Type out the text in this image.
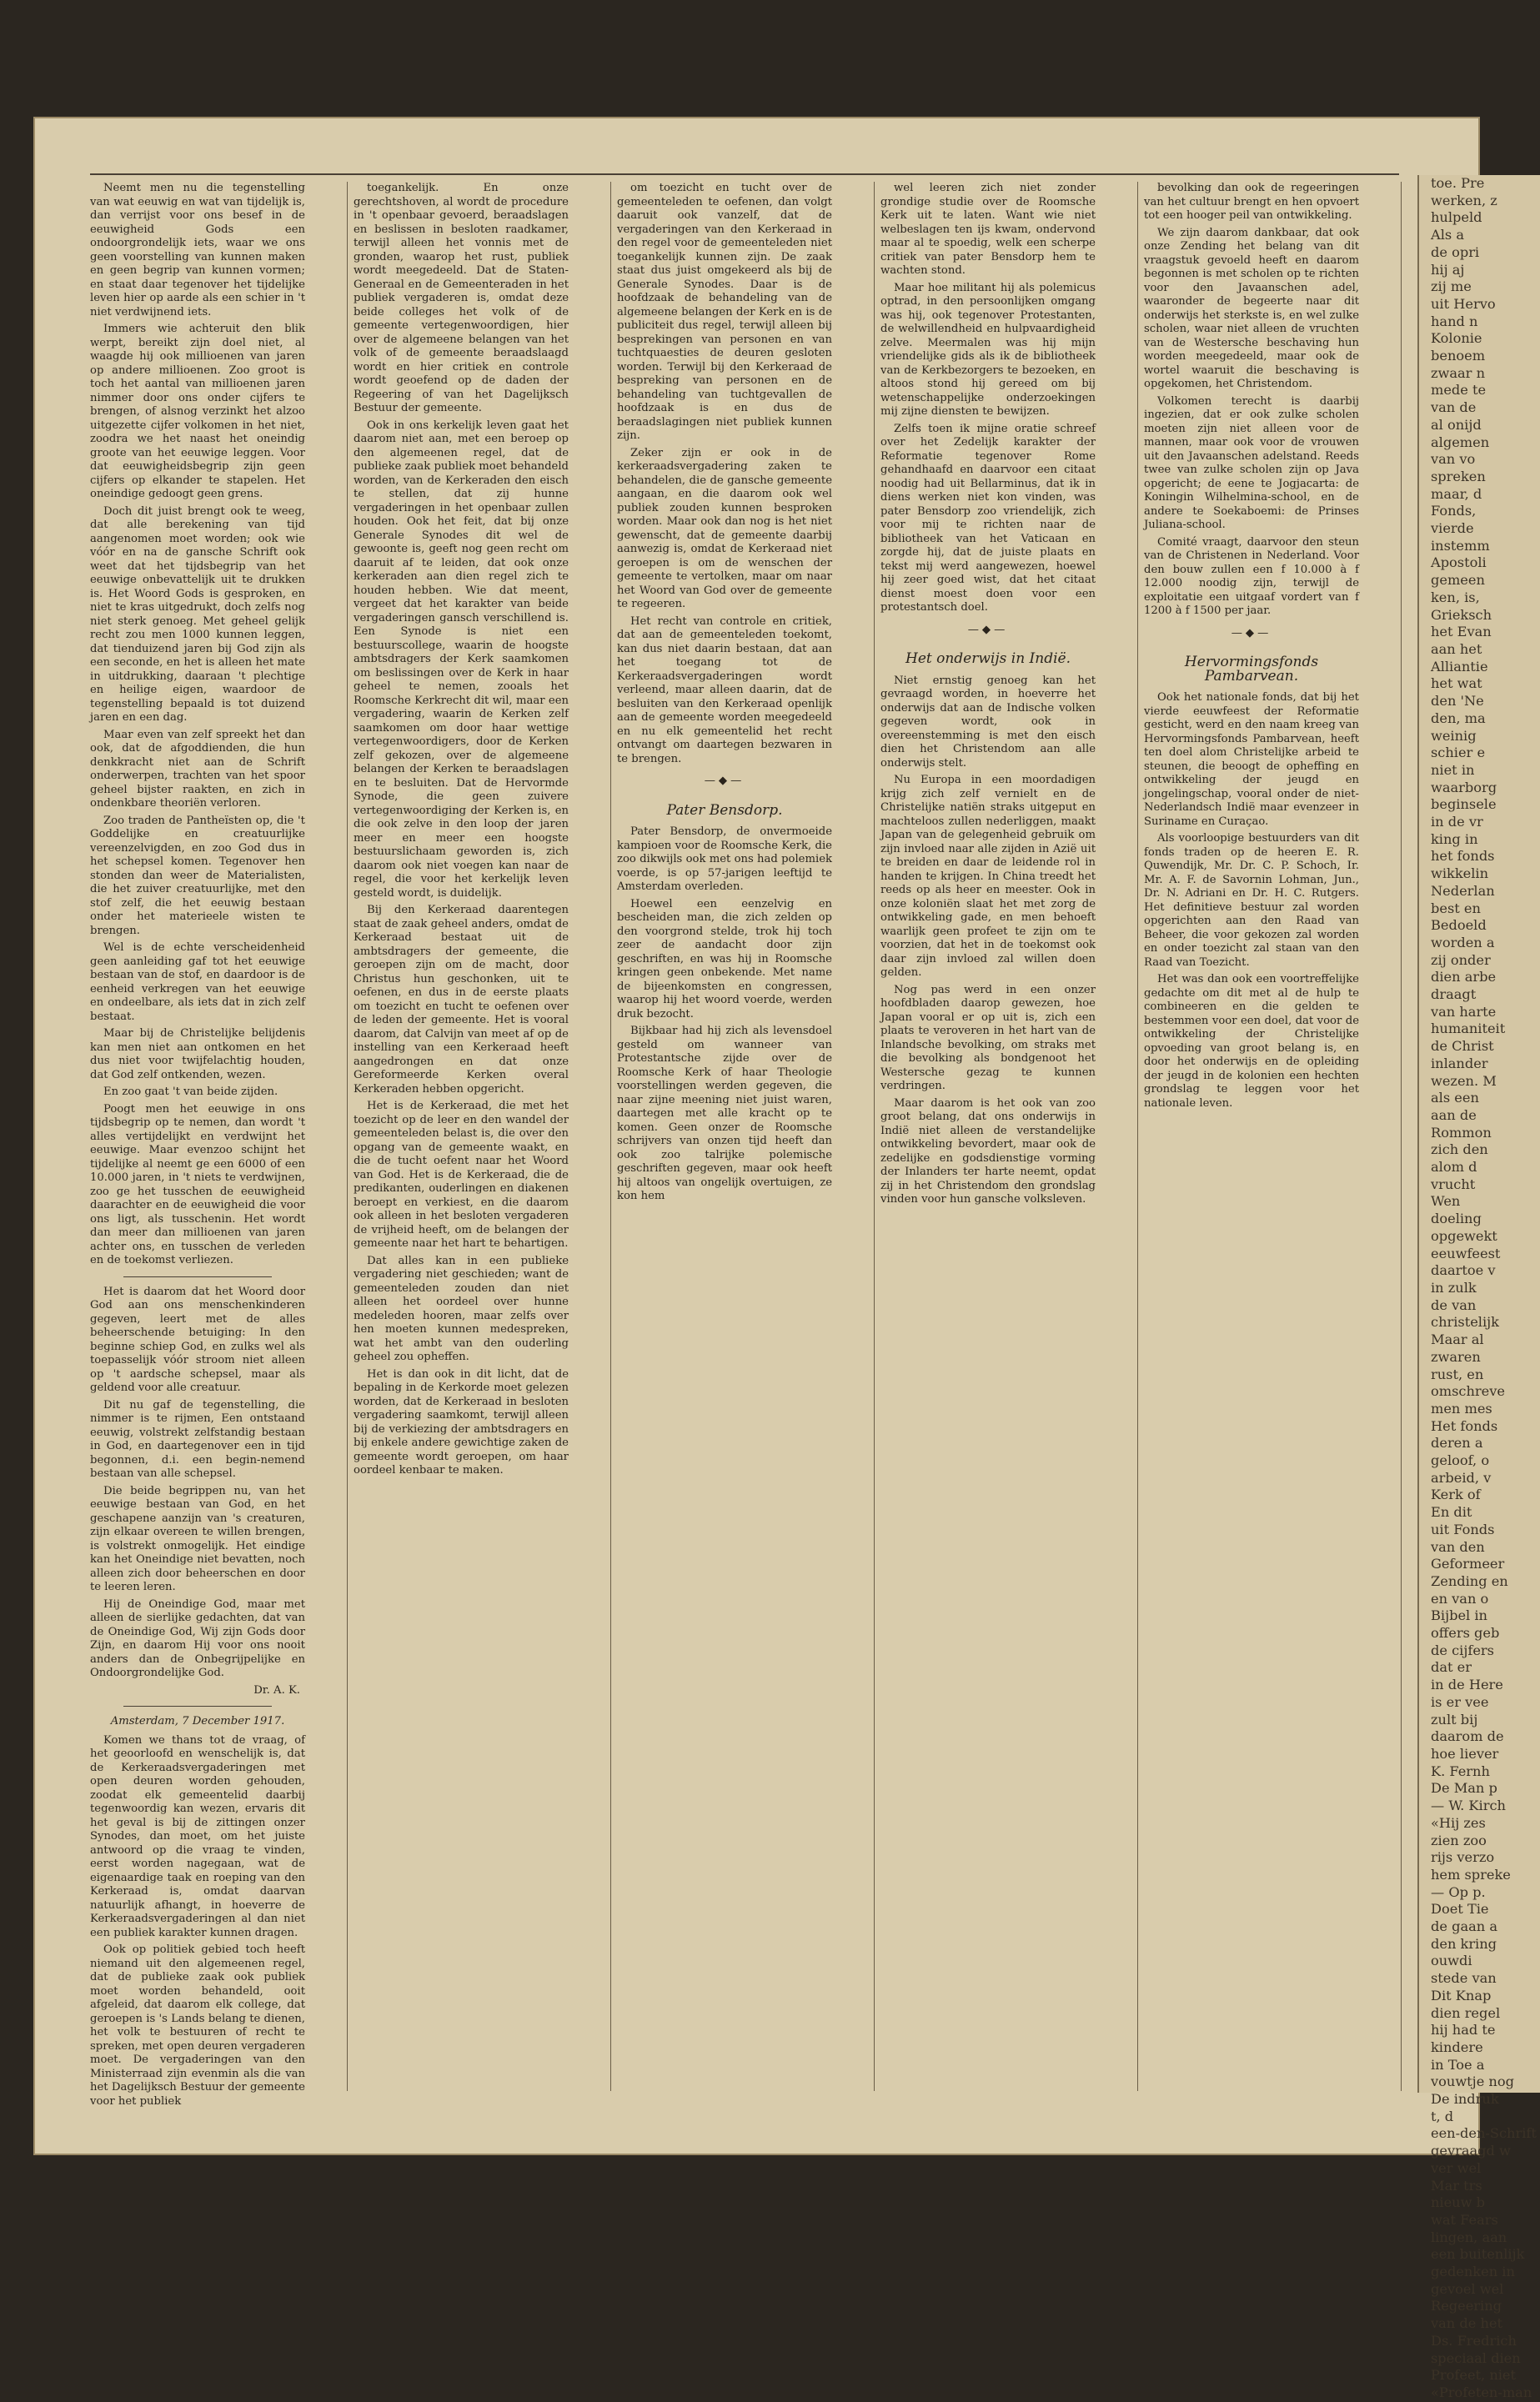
Neemt men nu die tegenstelling van wat eeuwig en wat van tijdelijk is, dan verrijst voor ons besef in de eeuwigheid Gods een ondoorgrondelijk iets, waar we ons geen voorstelling van kunnen maken en geen begrip van kunnen vormen; en staat daar tegenover het tijdelijke leven hier op aarde als een schier in 't niet verdwijnend iets.

Immers wie achteruit den blik werpt, bereikt zijn doel niet, al waagde hij ook millioenen van jaren op andere millioenen. Zoo groot is toch het aantal van millioenen jaren nimmer door ons onder cijfers te brengen, of alsnog verzinkt het alzoo uitgezette cijfer volkomen in het niet, zoodra we het naast het oneindig groote van het eeuwige leggen. Voor dat eeuwigheidsbegrip zijn geen cijfers op elkander te stapelen. Het oneindige gedoogt geen grens.

Doch dit juist brengt ook te weeg, dat alle berekening van tijd aangenomen moet worden; ook wie vóór en na de gansche Schrift ook weet dat het tijdsbegrip van het eeuwige onbevattelijk uit te drukken is. Het Woord Gods is gesproken, en niet te kras uitgedrukt, doch zelfs nog niet sterk genoeg. Met geheel gelijk recht zou men 1000 kunnen leggen, dat tienduizend jaren bij God zijn als een seconde, en het is alleen het mate in uitdrukking, daaraan 't plechtige en heilige eigen, waardoor de tegenstelling bepaald is tot duizend jaren en een dag.

Maar even van zelf spreekt het dan ook, dat de afgoddienden, die hun denkkracht niet aan de Schrift onderwerpen, trachten van het spoor geheel bijster raakten, en zich in ondenkbare theoriën verloren.

Zoo traden de Pantheïsten op, die 't Goddelijke en creatuurlijke vereenzelvigden, en zoo God dus in het schepsel komen. Tegenover hen stonden dan weer de Materialisten, die het zuiver creatuurlijke, met den stof zelf, die het eeuwig bestaan onder het materieele wisten te brengen.

Wel is de echte verscheidenheid geen aanleiding gaf tot het eeuwige bestaan van de stof, en daardoor is de eenheid verkregen van het eeuwige en ondeelbare, als iets dat in zich zelf bestaat.

Maar bij de Christelijke belijdenis kan men niet aan ontkomen en het dus niet voor twijfelachtig houden, dat God zelf ontkenden, wezen.

En zoo gaat 't van beide zijden.

Poogt men het eeuwige in ons tijdsbegrip op te nemen, dan wordt 't alles vertijdelijkt en verdwijnt het eeuwige. Maar evenzoo schijnt het tijdelijke al neemt ge een 6000 of een 10.000 jaren, in 't niets te verdwijnen, zoo ge het tusschen de eeuwigheid daarachter en de eeuwigheid die voor ons ligt, als tusschenin. Het wordt dan meer dan millioenen van jaren achter ons, en tusschen de verleden en de toekomst verliezen.

Het is daarom dat het Woord door God aan ons menschenkinderen gegeven, leert met de alles beheerschende betuiging: In den beginne schiep God, en zulks wel als toepasselijk vóór stroom niet alleen op 't aardsche schepsel, maar als geldend voor alle creatuur.

Dit nu gaf de tegenstelling, die nimmer is te rijmen, Een ontstaand eeuwig, volstrekt zelfstandig bestaan in God, en daartegenover een in tijd begonnen, d.i. een begin-nemend bestaan van alle schepsel.

Die beide begrippen nu, van het eeuwige bestaan van God, en het geschapene aanzijn van 's creaturen, zijn elkaar overeen te willen brengen, is volstrekt onmogelijk. Het eindige kan het Oneindige niet bevatten, noch alleen zich door beheerschen en door te leeren leren.

Hij de Oneindige God, maar met alleen de sierlijke gedachten, dat van de Oneindige God, Wij zijn Gods door Zijn, en daarom Hij voor ons nooit anders dan de Onbegrijpelijke en Ondoorgrondelijke God.

Dr. A. K.

Amsterdam, 7 December 1917.

Komen we thans tot de vraag, of het geoorloofd en wenschelijk is, dat de Kerkeraadsvergaderingen met open deuren worden gehouden, zoodat elk gemeentelid daarbij tegenwoordig kan wezen, ervaris dit het geval is bij de zittingen onzer Synodes, dan moet, om het juiste antwoord op die vraag te vinden, eerst worden nagegaan, wat de eigenaardige taak en roeping van den Kerkeraad is, omdat daarvan natuurlijk afhangt, in hoeverre de Kerkeraadsvergaderingen al dan niet een publiek karakter kunnen dragen.

Ook op politiek gebied toch heeft niemand uit den algemeenen regel, dat de publieke zaak ook publiek moet worden behandeld, ooit afgeleid, dat daarom elk college, dat geroepen is 's Lands belang te dienen, het volk te bestuuren of recht te spreken, met open deuren vergaderen moet. De vergaderingen van den Ministerraad zijn evenmin als die van het Dagelijksch Bestuur der gemeente voor het publiek

toegankelijk. En onze gerechtshoven, al wordt de procedure in 't openbaar gevoerd, beraadslagen en beslissen in besloten raadkamer, terwijl alleen het vonnis met de gronden, waarop het rust, publiek wordt meegedeeld. Dat de Staten-Generaal en de Gemeenteraden in het publiek vergaderen is, omdat deze beide colleges het volk of de gemeente vertegenwoordigen, hier over de algemeene belangen van het volk of de gemeente beraadslaagd wordt en hier critiek en controle wordt geoefend op de daden der Regeering of van het Dagelijksch Bestuur der gemeente.

Ook in ons kerkelijk leven gaat het daarom niet aan, met een beroep op den algemeenen regel, dat de publieke zaak publiek moet behandeld worden, van de Kerkeraden den eisch te stellen, dat zij hunne vergaderingen in het openbaar zullen houden. Ook het feit, dat bij onze Generale Synodes dit wel de gewoonte is, geeft nog geen recht om daaruit af te leiden, dat ook onze kerkeraden aan dien regel zich te houden hebben. Wie dat meent, vergeet dat het karakter van beide vergaderingen gansch verschillend is. Een Synode is niet een bestuurscollege, waarin de hoogste ambtsdragers der Kerk saamkomen om beslissingen over de Kerk in haar geheel te nemen, zooals het Roomsche Kerkrecht dit wil, maar een vergadering, waarin de Kerken zelf saamkomen om door haar wettige vertegenwoordigers, door de Kerken zelf gekozen, over de algemeene belangen der Kerken te beraadslagen en te besluiten. Dat de Hervormde Synode, die geen zuivere vertegenwoordiging der Kerken is, en die ook zelve in den loop der jaren meer en meer een hoogste bestuurslichaam geworden is, zich daarom ook niet voegen kan naar de regel, die voor het kerkelijk leven gesteld wordt, is duidelijk.

Bij den Kerkeraad daarentegen staat de zaak geheel anders, omdat de Kerkeraad bestaat uit de ambtsdragers der gemeente, die geroepen zijn om de macht, door Christus hun geschonken, uit te oefenen, en dus in de eerste plaats om toezicht en tucht te oefenen over de leden der gemeente. Het is vooral daarom, dat Calvijn van meet af op de instelling van een Kerkeraad heeft aangedrongen en dat onze Gereformeerde Kerken overal Kerkeraden hebben opgericht.

Het is de Kerkeraad, die met het toezicht op de leer en den wandel der gemeenteleden belast is, die over den opgang van de gemeente waakt, en die de tucht oefent naar het Woord van God. Het is de Kerkeraad, die de predikanten, ouderlingen en diakenen beroept en verkiest, en die daarom ook alleen in het besloten vergaderen de vrijheid heeft, om de belangen der gemeente naar het hart te behartigen.

Dat alles kan in een publieke vergadering niet geschieden; want de gemeenteleden zouden dan niet alleen het oordeel over hunne medeleden hooren, maar zelfs over hen moeten kunnen medespreken, wat het ambt van den ouderling geheel zou opheffen.

Het is dan ook in dit licht, dat de bepaling in de Kerkorde moet gelezen worden, dat de Kerkeraad in besloten vergadering saamkomt, terwijl alleen bij de verkiezing der ambtsdragers en bij enkele andere gewichtige zaken de gemeente wordt geroepen, om haar oordeel kenbaar te maken.

om toezicht en tucht over de gemeenteleden te oefenen, dan volgt daaruit ook vanzelf, dat de vergaderingen van den Kerkeraad in den regel voor de gemeenteleden niet toegankelijk kunnen zijn. De zaak staat dus juist omgekeerd als bij de Generale Synodes. Daar is de hoofdzaak de behandeling van de algemeene belangen der Kerk en is de publiciteit dus regel, terwijl alleen bij besprekingen van personen en van tuchtquaesties de deuren gesloten worden. Terwijl bij den Kerkeraad de bespreking van personen en de behandeling van tuchtgevallen de hoofdzaak is en dus de beraadslagingen niet publiek kunnen zijn.

Zeker zijn er ook in de kerkeraadsvergadering zaken te behandelen, die de gansche gemeente aangaan, en die daarom ook wel publiek zouden kunnen besproken worden. Maar ook dan nog is het niet gewenscht, dat de gemeente daarbij aanwezig is, omdat de Kerkeraad niet geroepen is om de wenschen der gemeente te vertolken, maar om naar het Woord van God over de gemeente te regeeren.

Het recht van controle en critiek, dat aan de gemeenteleden toekomt, kan dus niet daarin bestaan, dat aan het toegang tot de Kerkeraadsvergaderingen wordt verleend, maar alleen daarin, dat de besluiten van den Kerkeraad openlijk aan de gemeente worden meegedeeld en nu elk gemeentelid het recht ontvangt om daartegen bezwaren in te brengen.

—◆—

Pater Bensdorp.

Pater Bensdorp, de onvermoeide kampioen voor de Roomsche Kerk, die zoo dikwijls ook met ons had polemiek voerde, is op 57-jarigen leeftijd te Amsterdam overleden.

Hoewel een eenzelvig en bescheiden man, die zich zelden op den voorgrond stelde, trok hij toch zeer de aandacht door zijn geschriften, en was hij in Roomsche kringen geen onbekende. Met name de bijeenkomsten en congressen, waarop hij het woord voerde, werden druk bezocht.

Bijkbaar had hij zich als levensdoel gesteld om wanneer van Protestantsche zijde over de Roomsche Kerk of haar Theologie voorstellingen werden gegeven, die naar zijne meening niet juist waren, daartegen met alle kracht op te komen. Geen onzer de Roomsche schrijvers van onzen tijd heeft dan ook zoo talrijke polemische geschriften gegeven, maar ook heeft hij altoos van ongelijk overtuigen, ze kon hem

wel leeren zich niet zonder grondige studie over de Roomsche Kerk uit te laten. Want wie niet welbeslagen ten ijs kwam, ondervond maar al te spoedig, welk een scherpe critiek van pater Bensdorp hem te wachten stond.

Maar hoe militant hij als polemicus optrad, in den persoonlijken omgang was hij, ook tegenover Protestanten, de welwillendheid en hulpvaardigheid zelve. Meermalen was hij mijn vriendelijke gids als ik de bibliotheek van de Kerkbezorgers te bezoeken, en altoos stond hij gereed om bij wetenschappelijke onderzoekingen mij zijne diensten te bewijzen.

Zelfs toen ik mijne oratie schreef over het Zedelijk karakter der Reformatie tegenover Rome gehandhaafd en daarvoor een citaat noodig had uit Bellarminus, dat ik in diens werken niet kon vinden, was pater Bensdorp zoo vriendelijk, zich voor mij te richten naar de bibliotheek van het Vaticaan en zorgde hij, dat de juiste plaats en tekst mij werd aangewezen, hoewel hij zeer goed wist, dat het citaat dienst moest doen voor een protestantsch doel.

—◆—

Het onderwijs in Indië.

Niet ernstig genoeg kan het gevraagd worden, in hoeverre het onderwijs dat aan de Indische volken gegeven wordt, ook in overeenstemming is met den eisch dien het Christendom aan alle onderwijs stelt.

Nu Europa in een moordadigen krijg zich zelf vernielt en de Christelijke natiën straks uitgeput en machteloos zullen nederliggen, maakt Japan van de gelegenheid gebruik om zijn invloed naar alle zijden in Azië uit te breiden en daar de leidende rol in handen te krijgen. In China treedt het reeds op als heer en meester. Ook in onze koloniën slaat het met zorg de ontwikkeling gade, en men behoeft waarlijk geen profeet te zijn om te voorzien, dat het in de toekomst ook daar zijn invloed zal willen doen gelden.

Nog pas werd in een onzer hoofdbladen daarop gewezen, hoe Japan vooral er op uit is, zich een plaats te veroveren in het hart van de Inlandsche bevolking, om straks met die bevolking als bondgenoot het Westersche gezag te kunnen verdringen.

Maar daarom is het ook van zoo groot belang, dat ons onderwijs in Indië niet alleen de verstandelijke ontwikkeling bevordert, maar ook de zedelijke en godsdienstige vorming der Inlanders ter harte neemt, opdat zij in het Christendom den grondslag vinden voor hun gansche volksleven.

bevolking dan ook de regeeringen van het cultuur brengt en hen opvoert tot een hooger peil van ontwikkeling.

We zijn daarom dankbaar, dat ook onze Zending het belang van dit vraagstuk gevoeld heeft en daarom begonnen is met scholen op te richten voor den Javaanschen adel, waaronder de begeerte naar dit onderwijs het sterkste is, en wel zulke scholen, waar niet alleen de vruchten van de Westersche beschaving hun worden meegedeeld, maar ook de wortel waaruit die beschaving is opgekomen, het Christendom.

Volkomen terecht is daarbij ingezien, dat er ook zulke scholen moeten zijn niet alleen voor de mannen, maar ook voor de vrouwen uit den Javaanschen adelstand. Reeds twee van zulke scholen zijn op Java opgericht; de eene te Jogjacarta: de Koningin Wilhelmina-school, en de andere te Soekaboemi: de Prinses Juliana-school.

Comité vraagt, daarvoor den steun van de Christenen in Nederland. Voor den bouw zullen een f 10.000 à f 12.000 noodig zijn, terwijl de exploitatie een uitgaaf vordert van f 1200 à f 1500 per jaar.

—◆—

Hervormingsfonds Pambarvean.

Ook het nationale fonds, dat bij het vierde eeuwfeest der Reformatie gesticht, werd en den naam kreeg van Hervormingsfonds Pambarvean, heeft ten doel alom Christelijke arbeid te steunen, die beoogt de opheffing en ontwikkeling der jeugd en jongelingschap, vooral onder de niet-Nederlandsch Indië maar evenzeer in Suriname en Curaçao.

Als voorloopige bestuurders van dit fonds traden op de heeren E. R. Quwendijk, Mr. Dr. C. P. Schoch, Ir. Mr. A. F. de Savornin Lohman, Jun., Dr. N. Adriani en Dr. H. C. Rutgers. Het definitieve bestuur zal worden opgerichten aan den Raad van Beheer, die voor gekozen zal worden en onder toezicht zal staan van den Raad van Toezicht.

Het was dan ook een voortreffelijke gedachte om dit met al de hulp te combineeren en die gelden te bestemmen voor een doel, dat voor de ontwikkeling der Christelijke opvoeding van groot belang is, en door het onderwijs en de opleiding der jeugd in de kolonien een hechten grondslag te leggen voor het nationale leven.

toe. Pre
werken, z
hulpeld
Als a
de opri
hij aj
zij me
uit Hervo
hand n
Kolonie
benoem
zwaar n
mede te
van de
al onijd
algemen
van vo
spreken
maar, d
Fonds,
vierde
instemm
Apostoli
gemeen
ken, is,
Grieksch
het Evan
aan het
Alliantie
het wat
den 'Ne
den, ma
weinig
schier e
niet in
waarborg
beginsele
in de vr
king in
het fonds
wikkelin
Nederlan
best en
Bedoeld
worden a
zij onder
dien arbe
draagt
van harte
humaniteit
de Christ
inlander
wezen. M
als een
aan de
Rommon
zich den
alom d
vrucht
Wen
doeling
opgewekt
eeuwfeest
daartoe v
in zulk
de van
christelijk
Maar al
zwaren
rust, en
omschreve
men mes
Het fonds
deren a
geloof, o
arbeid, v
Kerk of
En dit
uit Fonds
van den
Geformeer
Zending en
en van o
Bijbel in
offers geb
de cijfers
dat er
in de Here
is er vee
zult bij
daarom de
hoe liever
K. Fernh
De Man p
— W. Kirch
«Hij zes
zien zoo
rijs verzo
hem spreke
— Op p.
Doet Tie
de gaan a
den kring
ouwdi
stede van
Dit Knap
dien regel
hij had te
kindere
in Toe a
vouwtje nog
De indruk
t, d
een-den-Schrift
gevraagd w
ver wel
Mar trs
nieuw b
wat Fears
lingen, aan
een buitenlijk
gedenken in
gevoel wel
Regeering
van de het
Ds. Fredrich
speciaal dien
Profeet, niet
«Profeten-man
